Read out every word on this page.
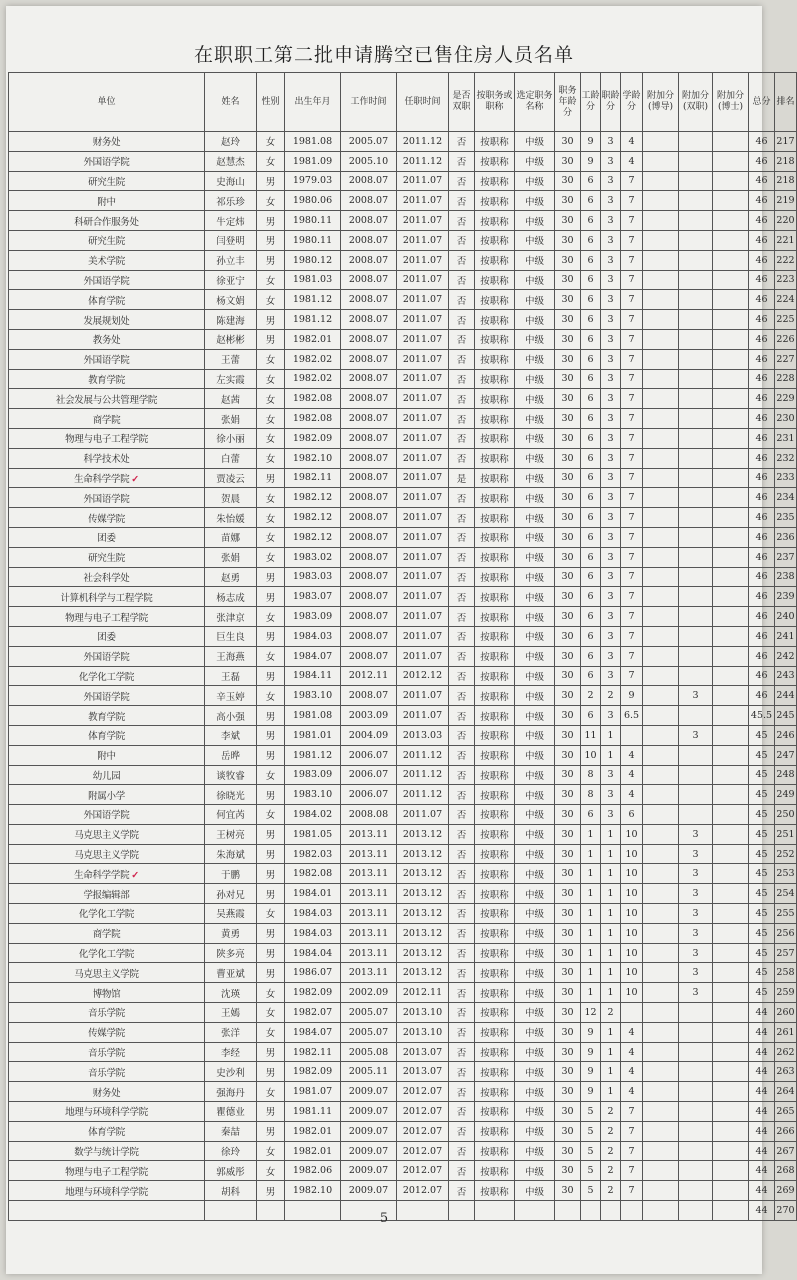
在职职工第二批申请腾空已售住房人员名单
单位	姓名	性别	出生年月	工作时间	任职时间	是否双职	按职务或职称	选定职务名称	职务年龄分	工龄分	职龄分	学龄分	附加分(博导)	附加分(双职)	附加分(博士)	总分	排名
财务处	赵玲	女	1981.08	2005.07	2011.12	否	按职称	中级	30	9	3	4				46	217
外国语学院	赵慧杰	女	1981.09	2005.10	2011.12	否	按职称	中级	30	9	3	4				46	218
研究生院	史海山	男	1979.03	2008.07	2011.07	否	按职称	中级	30	6	3	7				46	218
附中	祁乐珍	女	1980.06	2008.07	2011.07	否	按职称	中级	30	6	3	7				46	219
科研合作服务处	牛定炜	男	1980.11	2008.07	2011.07	否	按职称	中级	30	6	3	7				46	220
研究生院	闫登明	男	1980.11	2008.07	2011.07	否	按职称	中级	30	6	3	7				46	221
美术学院	孙立丰	男	1980.12	2008.07	2011.07	否	按职称	中级	30	6	3	7				46	222
外国语学院	徐亚宁	女	1981.03	2008.07	2011.07	否	按职称	中级	30	6	3	7				46	223
体育学院	杨文娟	女	1981.12	2008.07	2011.07	否	按职称	中级	30	6	3	7				46	224
发展规划处	陈建海	男	1981.12	2008.07	2011.07	否	按职称	中级	30	6	3	7				46	225
教务处	赵彬彬	男	1982.01	2008.07	2011.07	否	按职称	中级	30	6	3	7				46	226
外国语学院	王蕾	女	1982.02	2008.07	2011.07	否	按职称	中级	30	6	3	7				46	227
教育学院	左实霞	女	1982.02	2008.07	2011.07	否	按职称	中级	30	6	3	7				46	228
社会发展与公共管理学院	赵茜	女	1982.08	2008.07	2011.07	否	按职称	中级	30	6	3	7				46	229
商学院	张娟	女	1982.08	2008.07	2011.07	否	按职称	中级	30	6	3	7				46	230
物理与电子工程学院	徐小丽	女	1982.09	2008.07	2011.07	否	按职称	中级	30	6	3	7				46	231
科学技术处	白蕾	女	1982.10	2008.07	2011.07	否	按职称	中级	30	6	3	7				46	232
生命科学学院 ✓	贾凌云	男	1982.11	2008.07	2011.07	是	按职称	中级	30	6	3	7				46	233
外国语学院	贺晨	女	1982.12	2008.07	2011.07	否	按职称	中级	30	6	3	7				46	234
传媒学院	朱怡媛	女	1982.12	2008.07	2011.07	否	按职称	中级	30	6	3	7				46	235
团委	苗娜	女	1982.12	2008.07	2011.07	否	按职称	中级	30	6	3	7				46	236
研究生院	张娟	女	1983.02	2008.07	2011.07	否	按职称	中级	30	6	3	7				46	237
社会科学处	赵勇	男	1983.03	2008.07	2011.07	否	按职称	中级	30	6	3	7				46	238
计算机科学与工程学院	杨志成	男	1983.07	2008.07	2011.07	否	按职称	中级	30	6	3	7				46	239
物理与电子工程学院	张津京	女	1983.09	2008.07	2011.07	否	按职称	中级	30	6	3	7				46	240
团委	巨生良	男	1984.03	2008.07	2011.07	否	按职称	中级	30	6	3	7				46	241
外国语学院	王海燕	女	1984.07	2008.07	2011.07	否	按职称	中级	30	6	3	7				46	242
化学化工学院	王磊	男	1984.11	2012.11	2012.12	否	按职称	中级	30	6	3	7				46	243
外国语学院	辛玉婷	女	1983.10	2008.07	2011.07	否	按职称	中级	30	2	2	9		3		46	244
教育学院	高小强	男	1981.08	2003.09	2011.07	否	按职称	中级	30	6	3	6.5				45.5	245
体育学院	李斌	男	1981.01	2004.09	2013.03	否	按职称	中级	30	11	1			3		45	246
附中	岳晔	男	1981.12	2006.07	2011.12	否	按职称	中级	30	10	1	4				45	247
幼儿园	谈牧睿	女	1983.09	2006.07	2011.12	否	按职称	中级	30	8	3	4				45	248
附属小学	徐晓光	男	1983.10	2006.07	2011.12	否	按职称	中级	30	8	3	4				45	249
外国语学院	何宜芮	女	1984.02	2008.08	2011.07	否	按职称	中级	30	6	3	6				45	250
马克思主义学院	王树亮	男	1981.05	2013.11	2013.12	否	按职称	中级	30	1	1	10		3		45	251
马克思主义学院	朱海斌	男	1982.03	2013.11	2013.12	否	按职称	中级	30	1	1	10		3		45	252
生命科学学院 ✓	于鹏	男	1982.08	2013.11	2013.12	否	按职称	中级	30	1	1	10		3		45	253
学报编辑部	孙对兄	男	1984.01	2013.11	2013.12	否	按职称	中级	30	1	1	10		3		45	254
化学化工学院	吴燕霞	女	1984.03	2013.11	2013.12	否	按职称	中级	30	1	1	10		3		45	255
商学院	黄勇	男	1984.03	2013.11	2013.12	否	按职称	中级	30	1	1	10		3		45	256
化学化工学院	陕多亮	男	1984.04	2013.11	2013.12	否	按职称	中级	30	1	1	10		3		45	257
马克思主义学院	曹亚斌	男	1986.07	2013.11	2013.12	否	按职称	中级	30	1	1	10		3		45	258
博物馆	沈瑛	女	1982.09	2002.09	2012.11	否	按职称	中级	30	1	1	10		3		45	259
音乐学院	王嫣	女	1982.07	2005.07	2013.10	否	按职称	中级	30	12	2					44	260
传媒学院	张洋	女	1984.07	2005.07	2013.10	否	按职称	中级	30	9	1	4				44	261
音乐学院	李经	男	1982.11	2005.08	2013.07	否	按职称	中级	30	9	1	4				44	262
音乐学院	史沙利	男	1982.09	2005.11	2013.07	否	按职称	中级	30	9	1	4				44	263
财务处	强海丹	女	1981.07	2009.07	2012.07	否	按职称	中级	30	9	1	4				44	264
地理与环境科学学院	瞿德业	男	1981.11	2009.07	2012.07	否	按职称	中级	30	5	2	7				44	265
体育学院	秦喆	男	1982.01	2009.07	2012.07	否	按职称	中级	30	5	2	7				44	266
数学与统计学院	徐玲	女	1982.01	2009.07	2012.07	否	按职称	中级	30	5	2	7				44	267
物理与电子工程学院	郭威彤	女	1982.06	2009.07	2012.07	否	按职称	中级	30	5	2	7				44	268
地理与环境科学学院	胡科	男	1982.10	2009.07	2012.07	否	按职称	中级	30	5	2	7				44	269
																44	270
5
